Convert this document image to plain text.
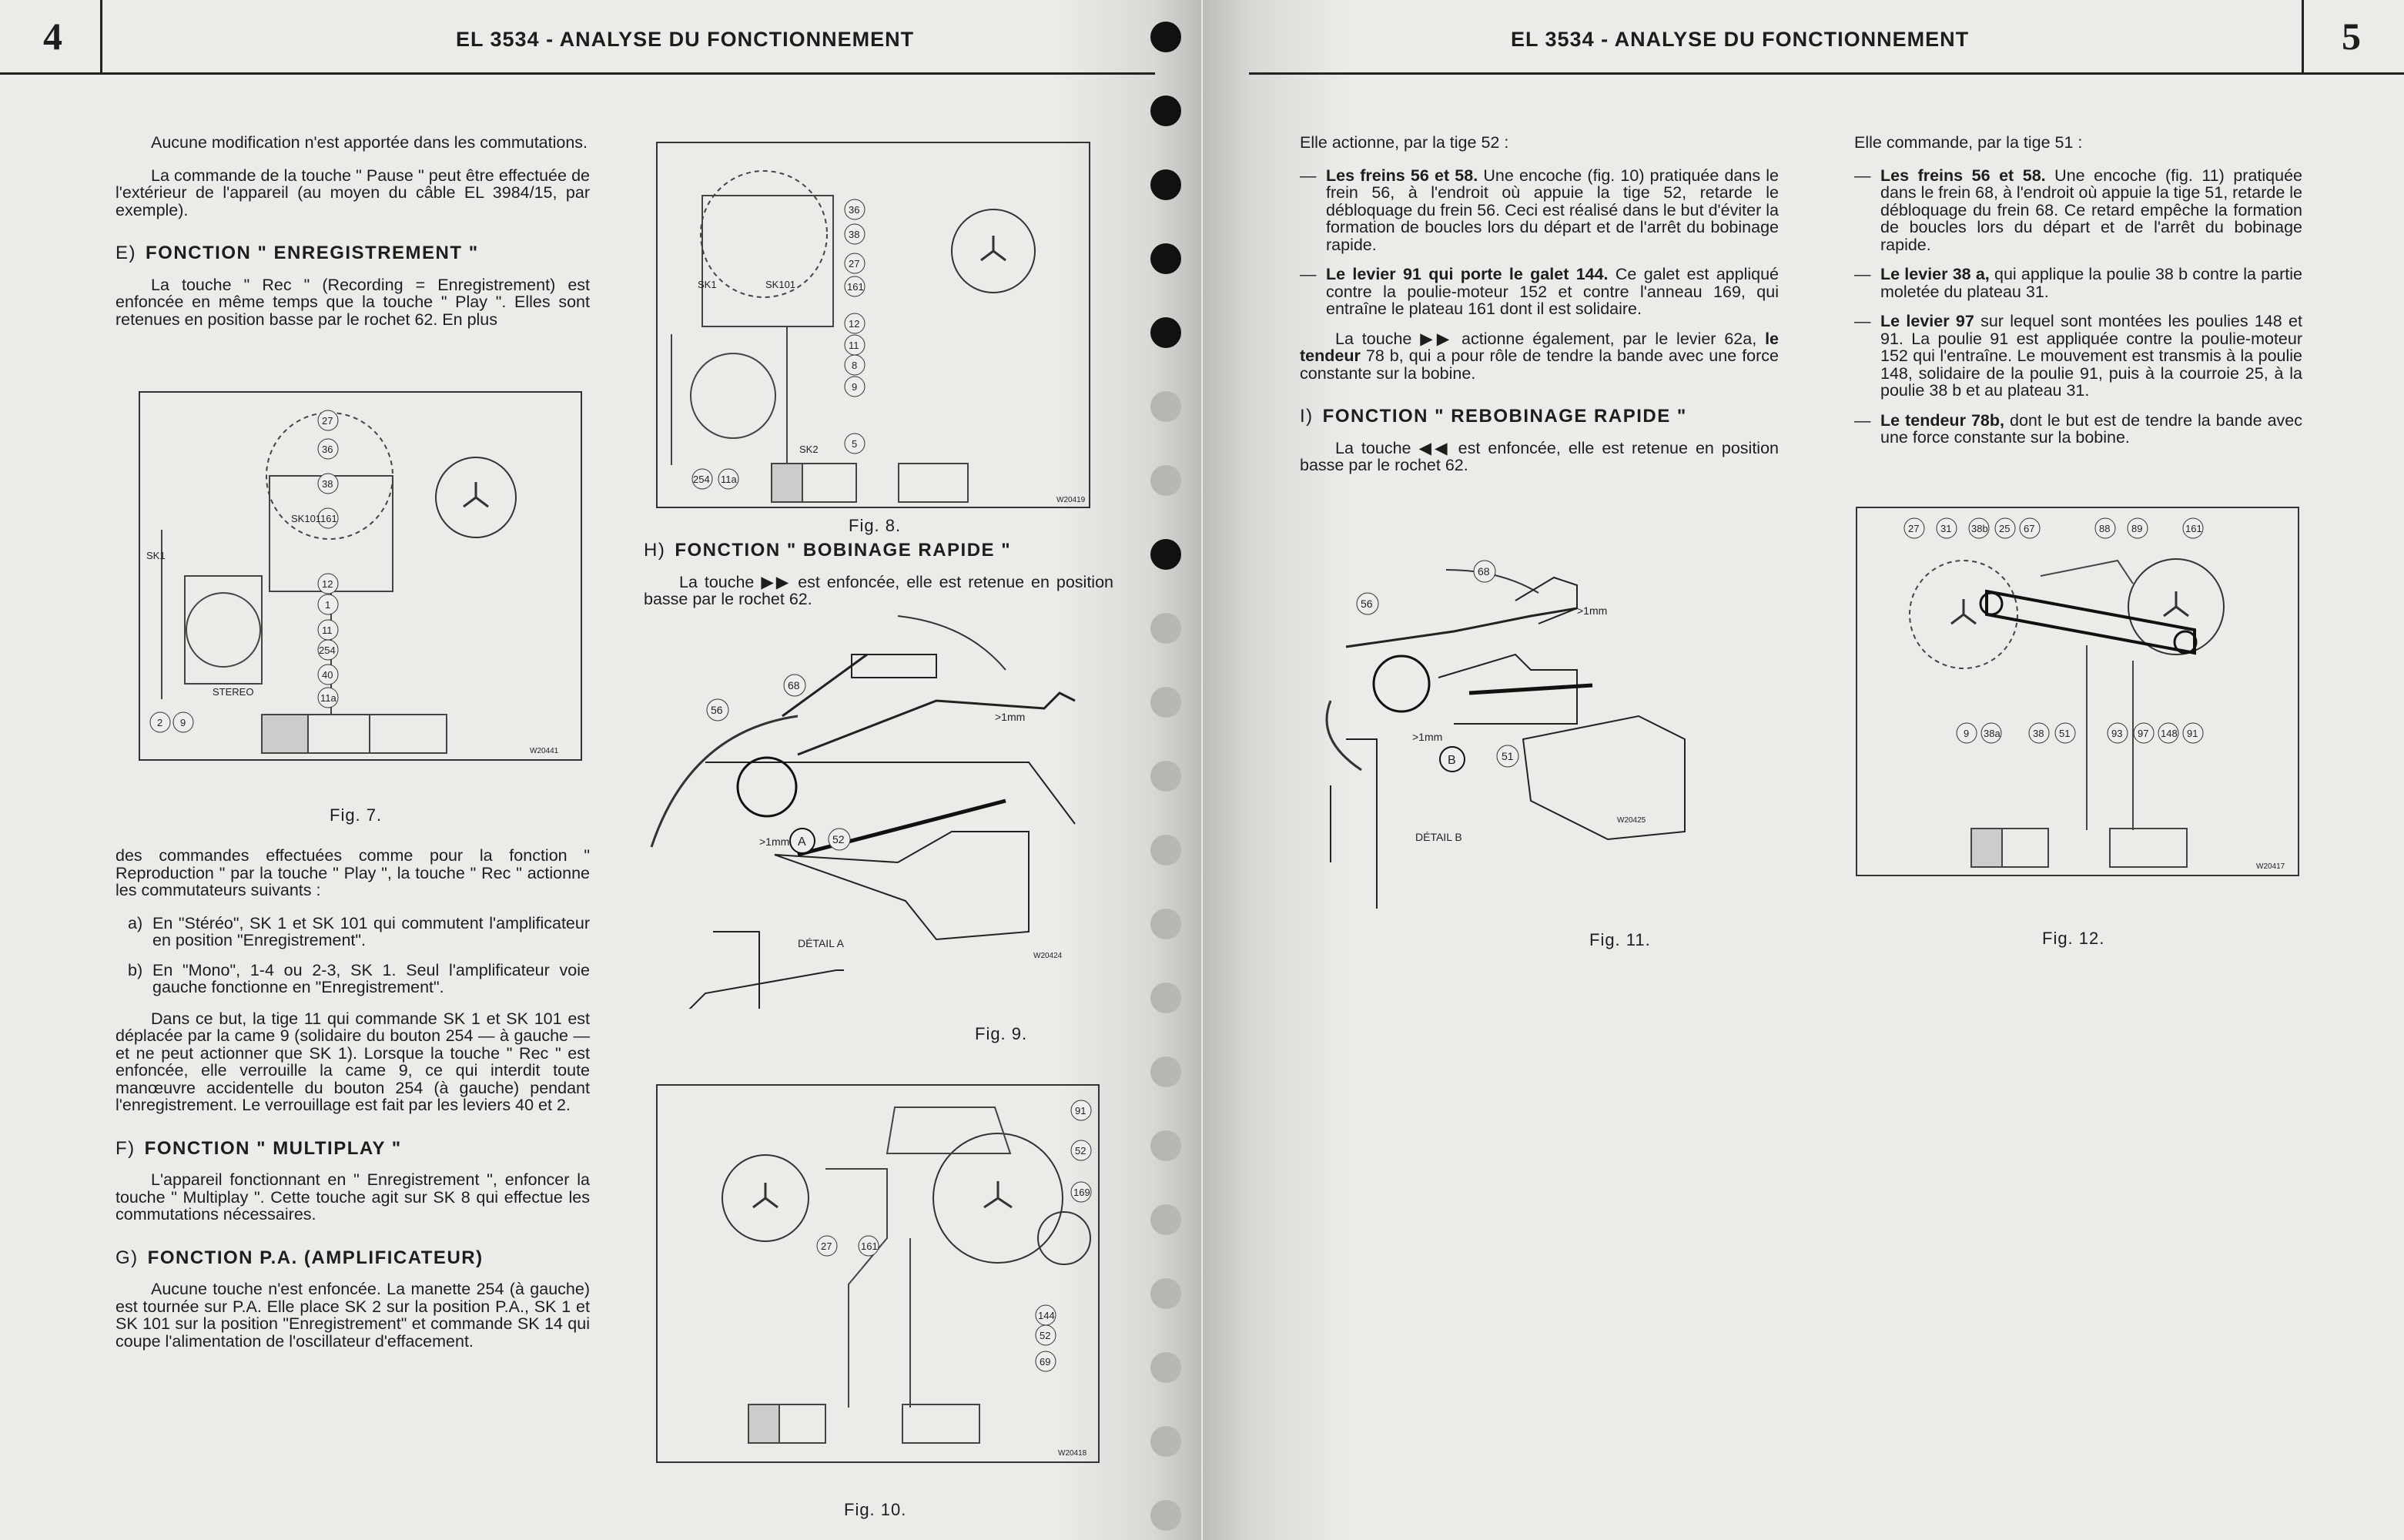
4	EL 3534 - ANALYSE DU FONCTIONNEMENT

Aucune modification n'est apportée dans les commutations.

La commande de la touche " Pause " peut être effectuée de l'extérieur de l'appareil (au moyen du câble EL 3984/15, par exemple).

E) FONCTION " ENREGISTREMENT "

La touche " Rec " (Recording = Enregistrement) est enfoncée en même temps que la touche " Play ". Elles sont retenues en position basse par le rochet 62. En plus

27
36
38
161
12
1
11
254
40
11a
2 9
SK1
SK101
STEREO
W20441
Fig. 7.

des commandes effectuées comme pour la fonction " Reproduction " par la touche " Play ", la touche " Rec " actionne les commutateurs suivants :

a) En "Stéréo", SK 1 et SK 101 qui commutent l'amplificateur en position "Enregistrement".
b) En "Mono", 1-4 ou 2-3, SK 1. Seul l'amplificateur voie gauche fonctionne en "Enregistrement".

Dans ce but, la tige 11 qui commande SK 1 et SK 101 est déplacée par la came 9 (solidaire du bouton 254 — à gauche — et ne peut actionner que SK 1). Lorsque la touche " Rec " est enfoncée, elle verrouille la came 9, ce qui interdit toute manœuvre accidentelle du bouton 254 (à gauche) pendant l'enregistrement. Le verrouillage est fait par les leviers 40 et 2.

F) FONCTION " MULTIPLAY "

L'appareil fonctionnant en " Enregistrement ", enfoncer la touche " Multiplay ". Cette touche agit sur SK 8 qui effectue les commutations nécessaires.

G) FONCTION P.A. (AMPLIFICATEUR)

Aucune touche n'est enfoncée. La manette 254 (à gauche) est tournée sur P.A. Elle place SK 2 sur la position P.A., SK 1 et SK 101 sur la position "Enregistrement" et commande SK 14 qui coupe l'alimentation de l'oscillateur d'effacement.

36
38
27
161
12
11
8
9
5
254 11a
SK1	SK101
SK2
W20419
Fig. 8.
H) FONCTION " BOBINAGE RAPIDE "

La touche ▶▶ est enfoncée, elle est retenue en position basse par le rochet 62.

68
56
52
A
>1mm
>1mm
DÉTAIL A
W20424
Fig. 9.
91
52
169
27	161
144
52
69
W20418
Fig. 10.
EL 3534 - ANALYSE DU FONCTIONNEMENT	5

Elle actionne, par la tige 52 :

— Les freins 56 et 58. Une encoche (fig. 10) pratiquée dans le frein 56, à l'endroit où appuie la tige 52, retarde le débloquage du frein 56. Ceci est réalisé dans le but d'éviter la formation de boucles lors du départ et de l'arrêt du bobinage rapide.
— Le levier 91 qui porte le galet 144. Ce galet est appliqué contre la poulie-moteur 152 et contre l'anneau 169, qui entraîne le plateau 161 dont il est solidaire.

La touche ▶▶ actionne également, par le levier 62a, le tendeur 78 b, qui a pour rôle de tendre la bande avec une force constante sur la bobine.

I) FONCTION " REBOBINAGE RAPIDE "

La touche ◀◀ est enfoncée, elle est retenue en position basse par le rochet 62.

68
56
51
B
>1mm
>1mm
DÉTAIL B
W20425
Fig. 11.

Elle commande, par la tige 51 :

— Les freins 56 et 58. Une encoche (fig. 11) pratiquée dans le frein 68, à l'endroit où appuie la tige 51, retarde le débloquage du frein 68. Ce retard empêche la formation de boucles lors du départ et de l'arrêt du bobinage rapide.
— Le levier 38 a, qui applique la poulie 38 b contre la partie moletée du plateau 31.
— Le levier 97 sur lequel sont montées les poulies 148 et 91. La poulie 91 est appliquée contre la poulie-moteur 152 qui l'entraîne. Le mouvement est transmis à la poulie 148, solidaire de la poulie 91, puis à la courroie 25, à la poulie 38 b et au plateau 31.
— Le tendeur 78b, dont le but est de tendre la bande avec une force constante sur la bobine.
27 31 38b 25 67	88 89	161
9 38a	38 51	93 97 148 91
W20417
Fig. 12.
